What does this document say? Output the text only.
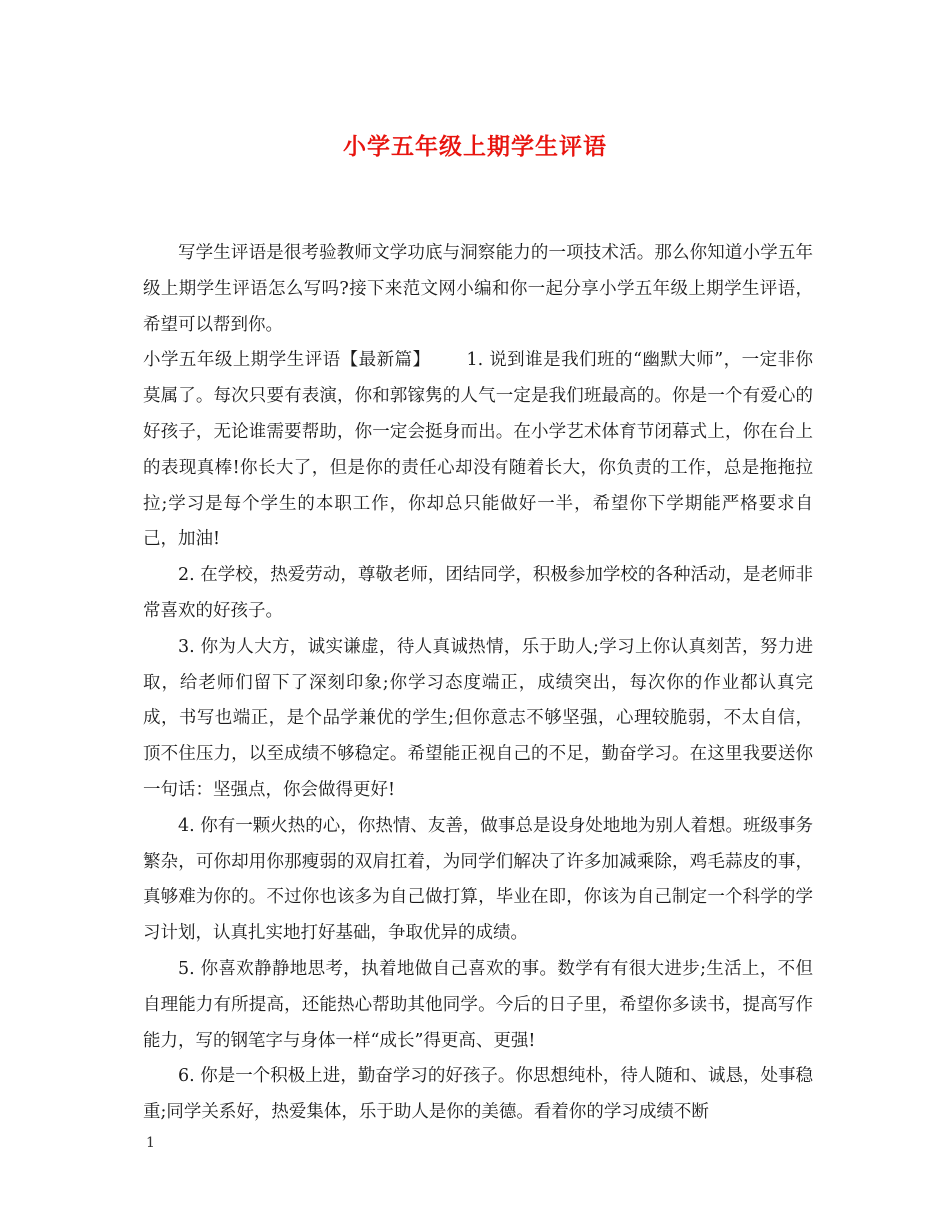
小学五年级上期学生评语

写学生评语是很考验教师文学功底与洞察能力的一项技术活。那么你知道小学五年级上期学生评语怎么写吗?接下来范文网小编和你一起分享小学五年级上期学生评语，希望可以帮到你。

小学五年级上期学生评语【最新篇】 1. 说到谁是我们班的“幽默大师”，一定非你莫属了。每次只要有表演，你和郭镓隽的人气一定是我们班最高的。你是一个有爱心的好孩子，无论谁需要帮助，你一定会挺身而出。在小学艺术体育节闭幕式上，你在台上的表现真棒!你长大了，但是你的责任心却没有随着长大，你负责的工作，总是拖拖拉拉;学习是每个学生的本职工作，你却总只能做好一半，希望你下学期能严格要求自己，加油!

2. 在学校，热爱劳动，尊敬老师，团结同学，积极参加学校的各种活动，是老师非常喜欢的好孩子。

3. 你为人大方，诚实谦虚，待人真诚热情，乐于助人;学习上你认真刻苦，努力进取，给老师们留下了深刻印象;你学习态度端正，成绩突出，每次你的作业都认真完成，书写也端正，是个品学兼优的学生;但你意志不够坚强，心理较脆弱，不太自信，顶不住压力，以至成绩不够稳定。希望能正视自己的不足，勤奋学习。在这里我要送你一句话：坚强点，你会做得更好!

4. 你有一颗火热的心，你热情、友善，做事总是设身处地地为别人着想。班级事务繁杂，可你却用你那瘦弱的双肩扛着，为同学们解决了许多加减乘除，鸡毛蒜皮的事，真够难为你的。不过你也该多为自己做打算，毕业在即，你该为自己制定一个科学的学习计划，认真扎实地打好基础，争取优异的成绩。

5. 你喜欢静静地思考，执着地做自己喜欢的事。数学有有很大进步;生活上，不但自理能力有所提高，还能热心帮助其他同学。今后的日子里，希望你多读书，提高写作能力，写的钢笔字与身体一样“成长”得更高、更强!

6. 你是一个积极上进，勤奋学习的好孩子。你思想纯朴，待人随和、诚恳，处事稳重;同学关系好，热爱集体，乐于助人是你的美德。看着你的学习成绩不断

1
